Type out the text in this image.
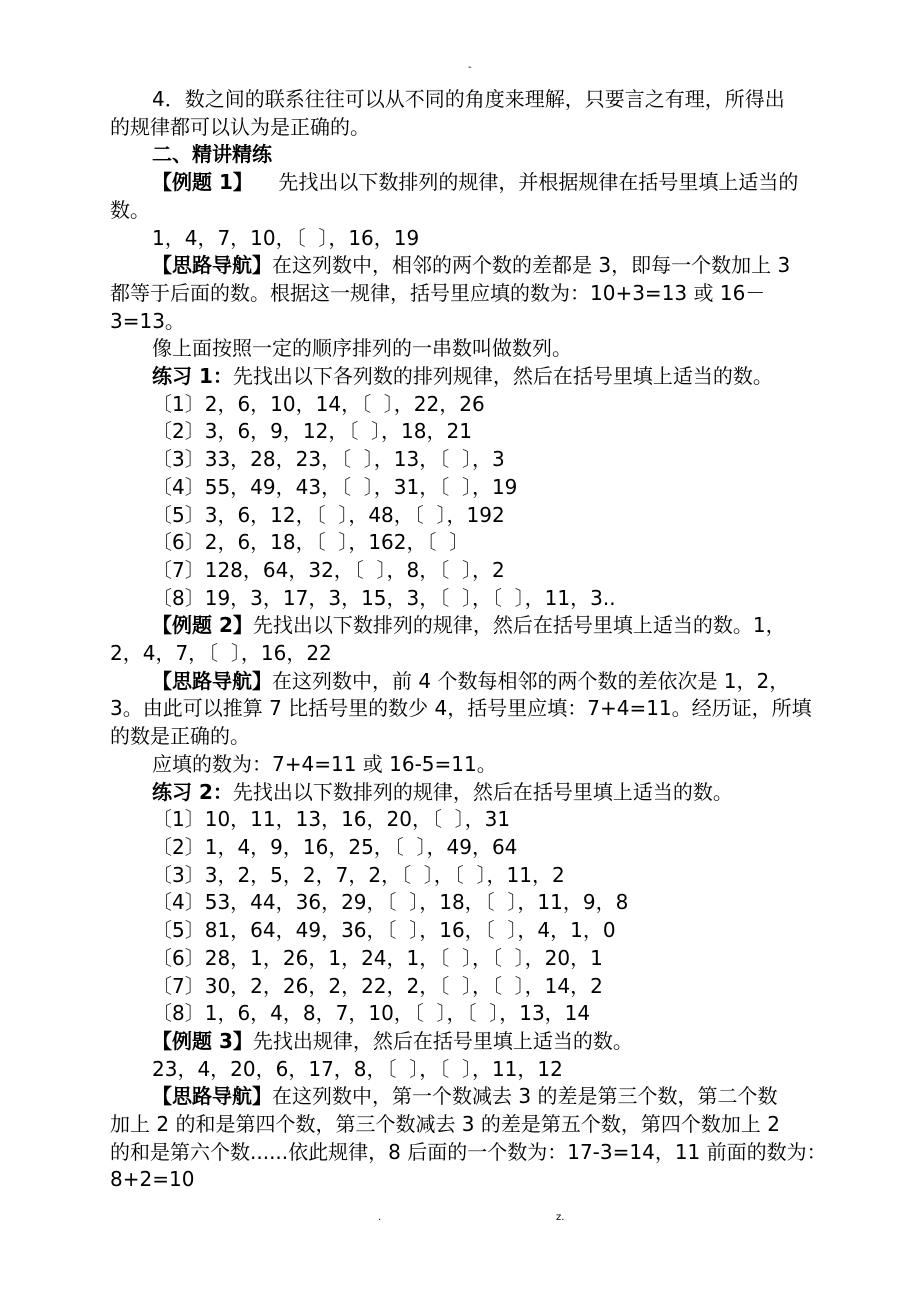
-

4．数之间的联系往往可以从不同的角度来理解，只要言之有理，所得出

的规律都可以认为是正确的。

二、精讲精练

【例题 1】    先找出以下数排列的规律，并根据规律在括号里填上适当的

数。

1，4，7，10，〔  〕，16，19

【思路导航】在这列数中，相邻的两个数的差都是 3，即每一个数加上 3

都等于后面的数。根据这一规律，括号里应填的数为：10+3=13 或 16－

3=13。

像上面按照一定的顺序排列的一串数叫做数列。

练习 1：先找出以下各列数的排列规律，然后在括号里填上适当的数。

〔1〕2，6，10，14，〔  〕，22，26

〔2〕3，6，9，12，〔  〕，18，21

〔3〕33，28，23，〔  〕，13，〔  〕，3

〔4〕55，49，43，〔  〕，31，〔  〕，19

〔5〕3，6，12，〔  〕，48，〔  〕，192

〔6〕2，6，18，〔  〕，162，〔  〕

〔7〕128，64，32，〔  〕，8，〔  〕，2

〔8〕19，3，17，3，15，3，〔  〕，〔  〕，11，3..

【例题 2】先找出以下数排列的规律，然后在括号里填上适当的数。1，

2，4，7，〔  〕，16，22

【思路导航】在这列数中，前 4 个数每相邻的两个数的差依次是 1，2，

3。由此可以推算 7 比括号里的数少 4，括号里应填：7+4=11。经历证，所填

的数是正确的。

应填的数为：7+4=11 或 16-5=11。

练习 2：先找出以下数排列的规律，然后在括号里填上适当的数。

〔1〕10，11，13，16，20，〔  〕，31

〔2〕1，4，9，16，25，〔  〕，49，64

〔3〕3，2，5，2，7，2，〔  〕，〔  〕，11，2

〔4〕53，44，36，29，〔  〕，18，〔  〕，11，9，8

〔5〕81，64，49，36，〔  〕，16，〔  〕，4，1，0

〔6〕28，1，26，1，24，1，〔  〕，〔  〕，20，1

〔7〕30，2，26，2，22，2，〔  〕，〔  〕，14，2

〔8〕1，6，4，8，7，10，〔  〕，〔  〕，13，14

【例题 3】先找出规律，然后在括号里填上适当的数。

23，4，20，6，17，8，〔  〕，〔  〕，11，12

【思路导航】在这列数中，第一个数减去 3 的差是第三个数，第二个数

加上 2 的和是第四个数，第三个数减去 3 的差是第五个数，第四个数加上 2

的和是第六个数......依此规律，8 后面的一个数为：17-3=14，11 前面的数为：

8+2=10

.	z.
